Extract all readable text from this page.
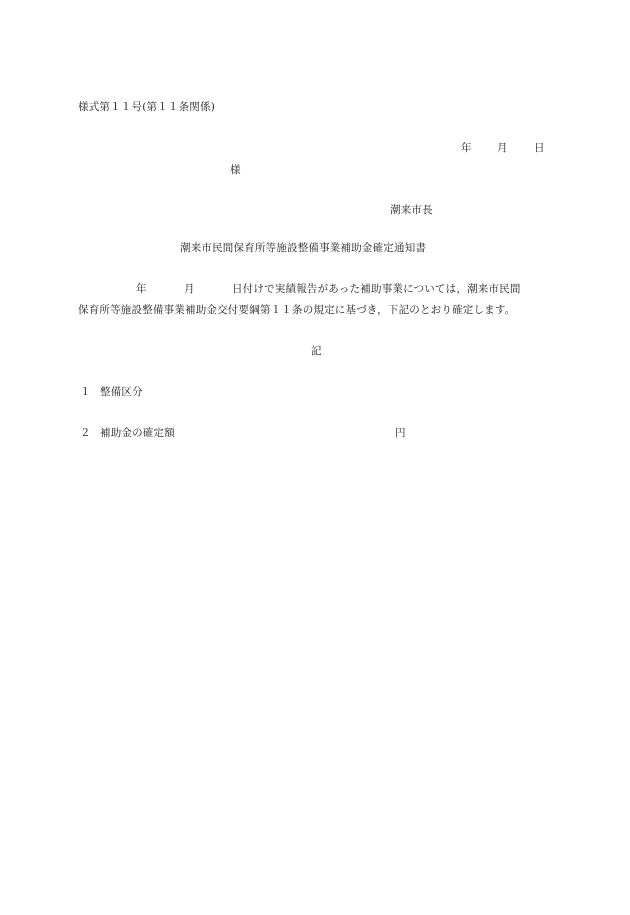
様式第１１号(第１１条関係)
年 月	日
様
潮来市長
潮来市民間保育所等施設整備事業補助金確定通知書
年	月	日付けで実績報告があった補助事業については，潮来市民間
保育所等施設整備事業補助金交付要綱第１１条の規定に基づき，下記のとおり確定します。
記
１ 整備区分
２ 補助金の確定額	円
